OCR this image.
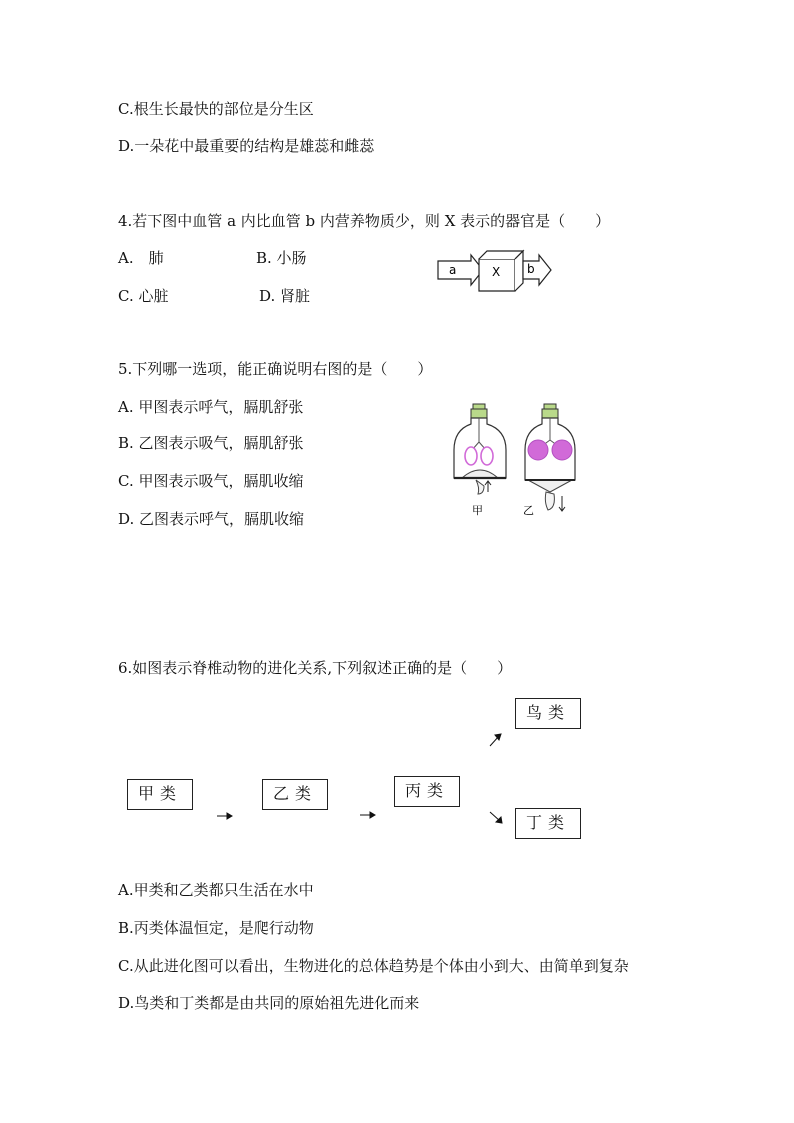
C.根生长最快的部位是分生区
D.一朵花中最重要的结构是雄蕊和雌蕊
4.若下图中血管 a 内比血管 b 内营养物质少，则 X 表示的器官是（　　）
A.　肺	B. 小肠
C. 心脏	D. 肾脏
a	X b
5.下列哪一选项，能正确说明右图的是（　　）
A. 甲图表示呼气，膈肌舒张
B. 乙图表示吸气，膈肌舒张
C. 甲图表示吸气，膈肌收缩
D. 乙图表示呼气，膈肌收缩	甲	乙
6.如图表示脊椎动物的进化关系,下列叙述正确的是（　　）
鸟类
甲类	乙类	丙类
丁类
A.甲类和乙类都只生活在水中
B.丙类体温恒定，是爬行动物
C.从此进化图可以看出，生物进化的总体趋势是个体由小到大、由简单到复杂
D.鸟类和丁类都是由共同的原始祖先进化而来
